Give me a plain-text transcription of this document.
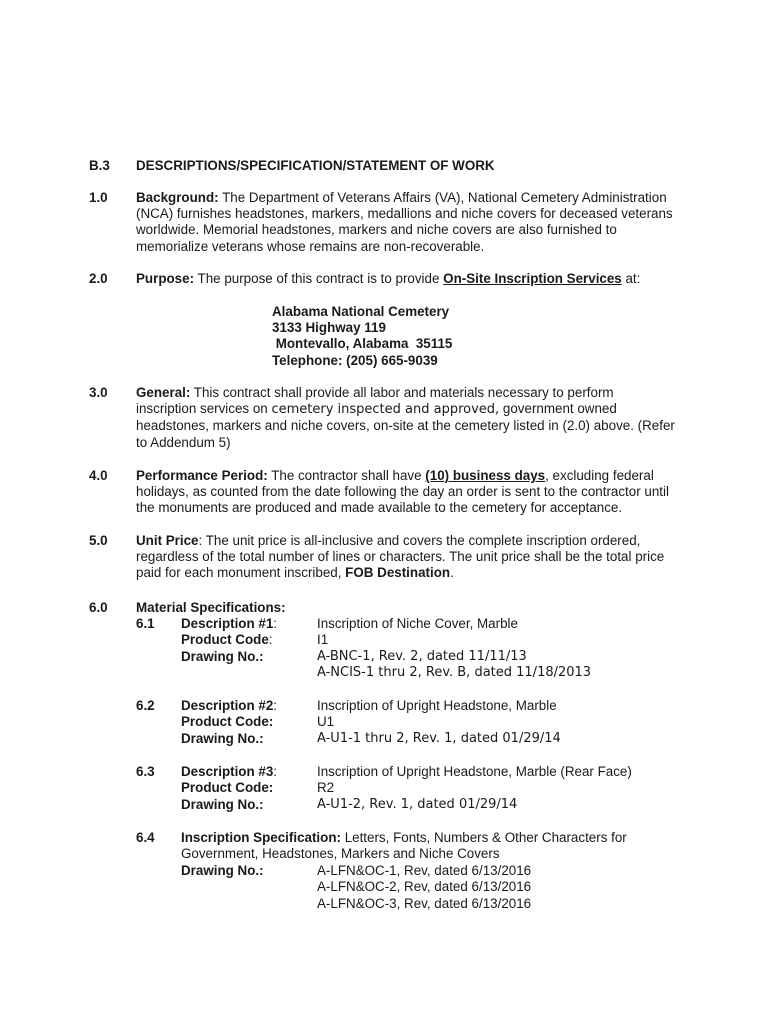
B.3 DESCRIPTIONS/SPECIFICATION/STATEMENT OF WORK
1.0 Background: The Department of Veterans Affairs (VA), National Cemetery Administration (NCA) furnishes headstones, markers, medallions and niche covers for deceased veterans worldwide. Memorial headstones, markers and niche covers are also furnished to memorialize veterans whose remains are non-recoverable.
2.0 Purpose: The purpose of this contract is to provide On-Site Inscription Services at:
Alabama National Cemetery
3133 Highway 119
Montevallo, Alabama  35115
Telephone: (205) 665-9039
3.0 General: This contract shall provide all labor and materials necessary to perform inscription services on cemetery inspected and approved, government owned headstones, markers and niche covers, on-site at the cemetery listed in (2.0) above. (Refer to Addendum 5)
4.0 Performance Period: The contractor shall have (10) business days, excluding federal holidays, as counted from the date following the day an order is sent to the contractor until the monuments are produced and made available to the cemetery for acceptance.
5.0 Unit Price: The unit price is all-inclusive and covers the complete inscription ordered, regardless of the total number of lines or characters. The unit price shall be the total price paid for each monument inscribed, FOB Destination.
6.0 Material Specifications:
6.1 Description #1:	Inscription of Niche Cover, Marble
Product Code:	I1
Drawing No.:	A-BNC-1, Rev. 2, dated 11/11/13
A-NCIS-1 thru 2, Rev. B, dated 11/18/2013
6.2 Description #2:	Inscription of Upright Headstone, Marble
Product Code:	U1
Drawing No.:	A-U1-1 thru 2, Rev. 1, dated 01/29/14
6.3 Description #3:	Inscription of Upright Headstone, Marble (Rear Face)
Product Code:	R2
Drawing No.:	A-U1-2, Rev. 1, dated 01/29/14
6.4 Inscription Specification: Letters, Fonts, Numbers & Other Characters for Government, Headstones, Markers and Niche Covers
Drawing No.:	A-LFN&OC-1, Rev, dated 6/13/2016
A-LFN&OC-2, Rev, dated 6/13/2016
A-LFN&OC-3, Rev, dated 6/13/2016
